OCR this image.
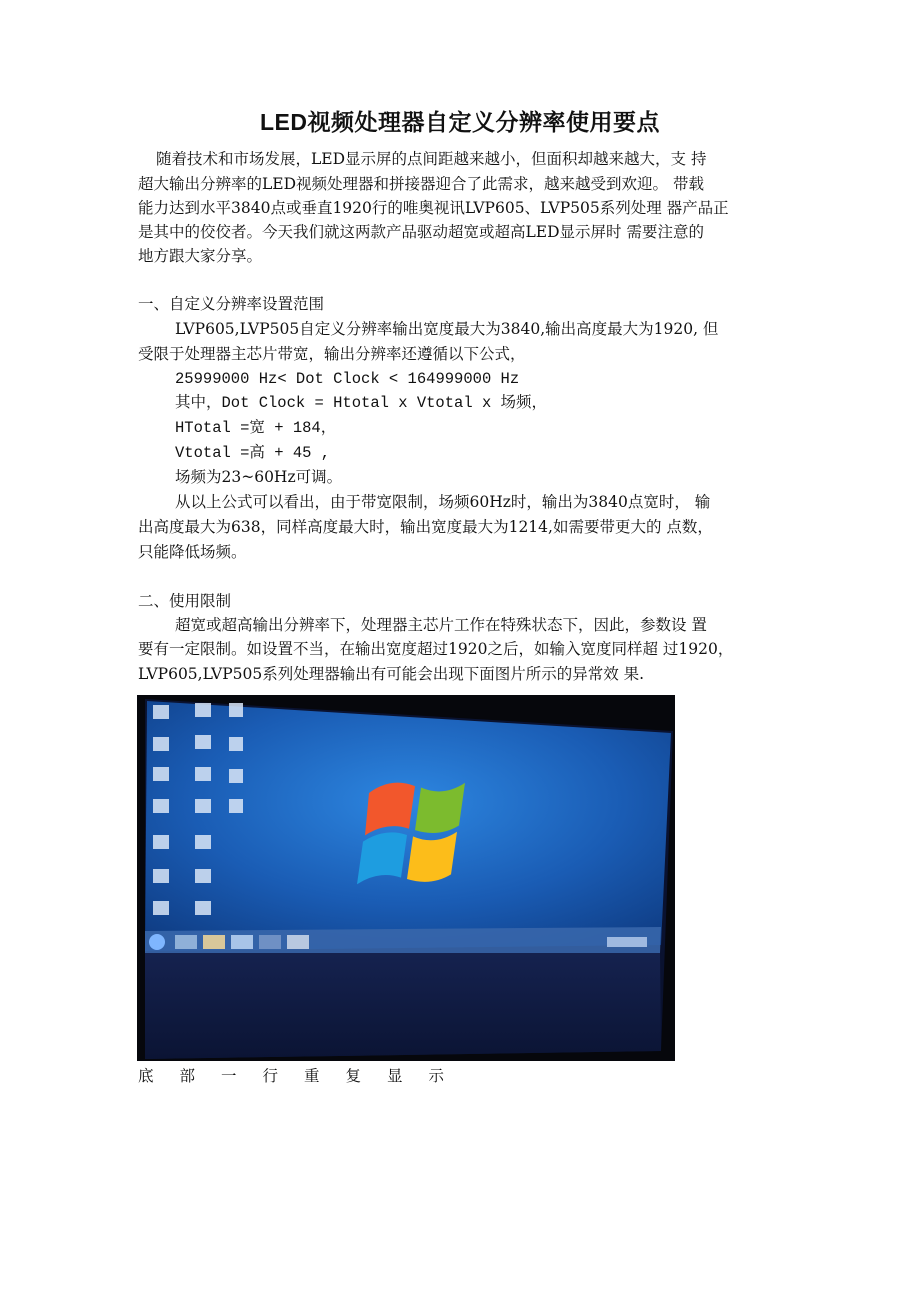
LED视频处理器自定义分辨率使用要点
随着技术和市场发展，LED显示屏的点间距越来越小，但面积却越来越大，支 持
超大输出分辨率的LED视频处理器和拼接器迎合了此需求，越来越受到欢迎。 带载
能力达到水平3840点或垂直1920行的唯奥视讯LVP605、LVP505系列处理 器产品正
是其中的佼佼者。今天我们就这两款产品驱动超宽或超高LED显示屏时 需要注意的
地方跟大家分享。
一、自定义分辨率设置范围
LVP605,LVP505自定义分辨率输出宽度最大为3840,输出高度最大为1920, 但
受限于处理器主芯片带宽，输出分辨率还遵循以下公式，
25999000 Hz< Dot Clock < 164999000 Hz
其中，Dot Clock = Htotal x Vtotal x 场频，
HTotal =宽 + 184，
Vtotal =高 + 45 ,
场频为23~60Hz可调。
从以上公式可以看出，由于带宽限制，场频60Hz时，输出为3840点宽时， 输
出高度最大为638，同样高度最大时，输出宽度最大为1214,如需要带更大的 点数，
只能降低场频。
二、使用限制
超宽或超高输出分辨率下，处理器主芯片工作在特殊状态下，因此，参数设 置
要有一定限制。如设置不当，在输出宽度超过1920之后，如输入宽度同样超 过1920，
LVP605,LVP505系列处理器输出有可能会出现下面图片所示的异常效 果.
底部一行重复显示
